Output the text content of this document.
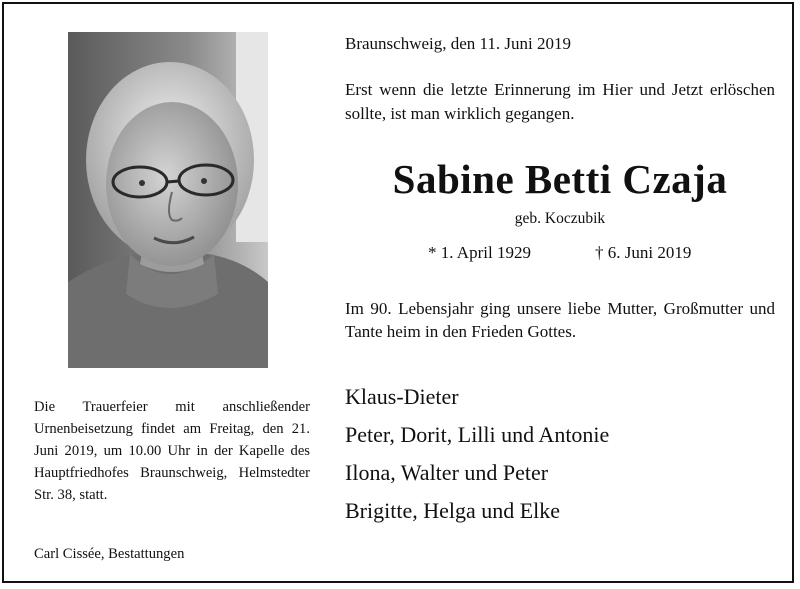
Die Trauerfeier mit anschließender Urnenbeisetzung findet am Freitag, den 21. Juni 2019, um 10.00 Uhr in der Kapelle des Hauptfriedhofes Braunschweig, Helmstedter Str. 38, statt.

Carl Cissée, Bestattungen
Braunschweig, den 11. Juni 2019
Erst wenn die letzte Erinnerung im Hier und Jetzt erlöschen sollte, ist man wirklich gegangen.
Sabine Betti Czaja
geb. Koczubik
* 1. April 1929	† 6. Juni 2019
Im 90. Lebensjahr ging unsere liebe Mutter, Großmutter und Tante heim in den Frieden Gottes.
Klaus-Dieter
Peter, Dorit, Lilli und Antonie
Ilona, Walter und Peter
Brigitte, Helga und Elke
